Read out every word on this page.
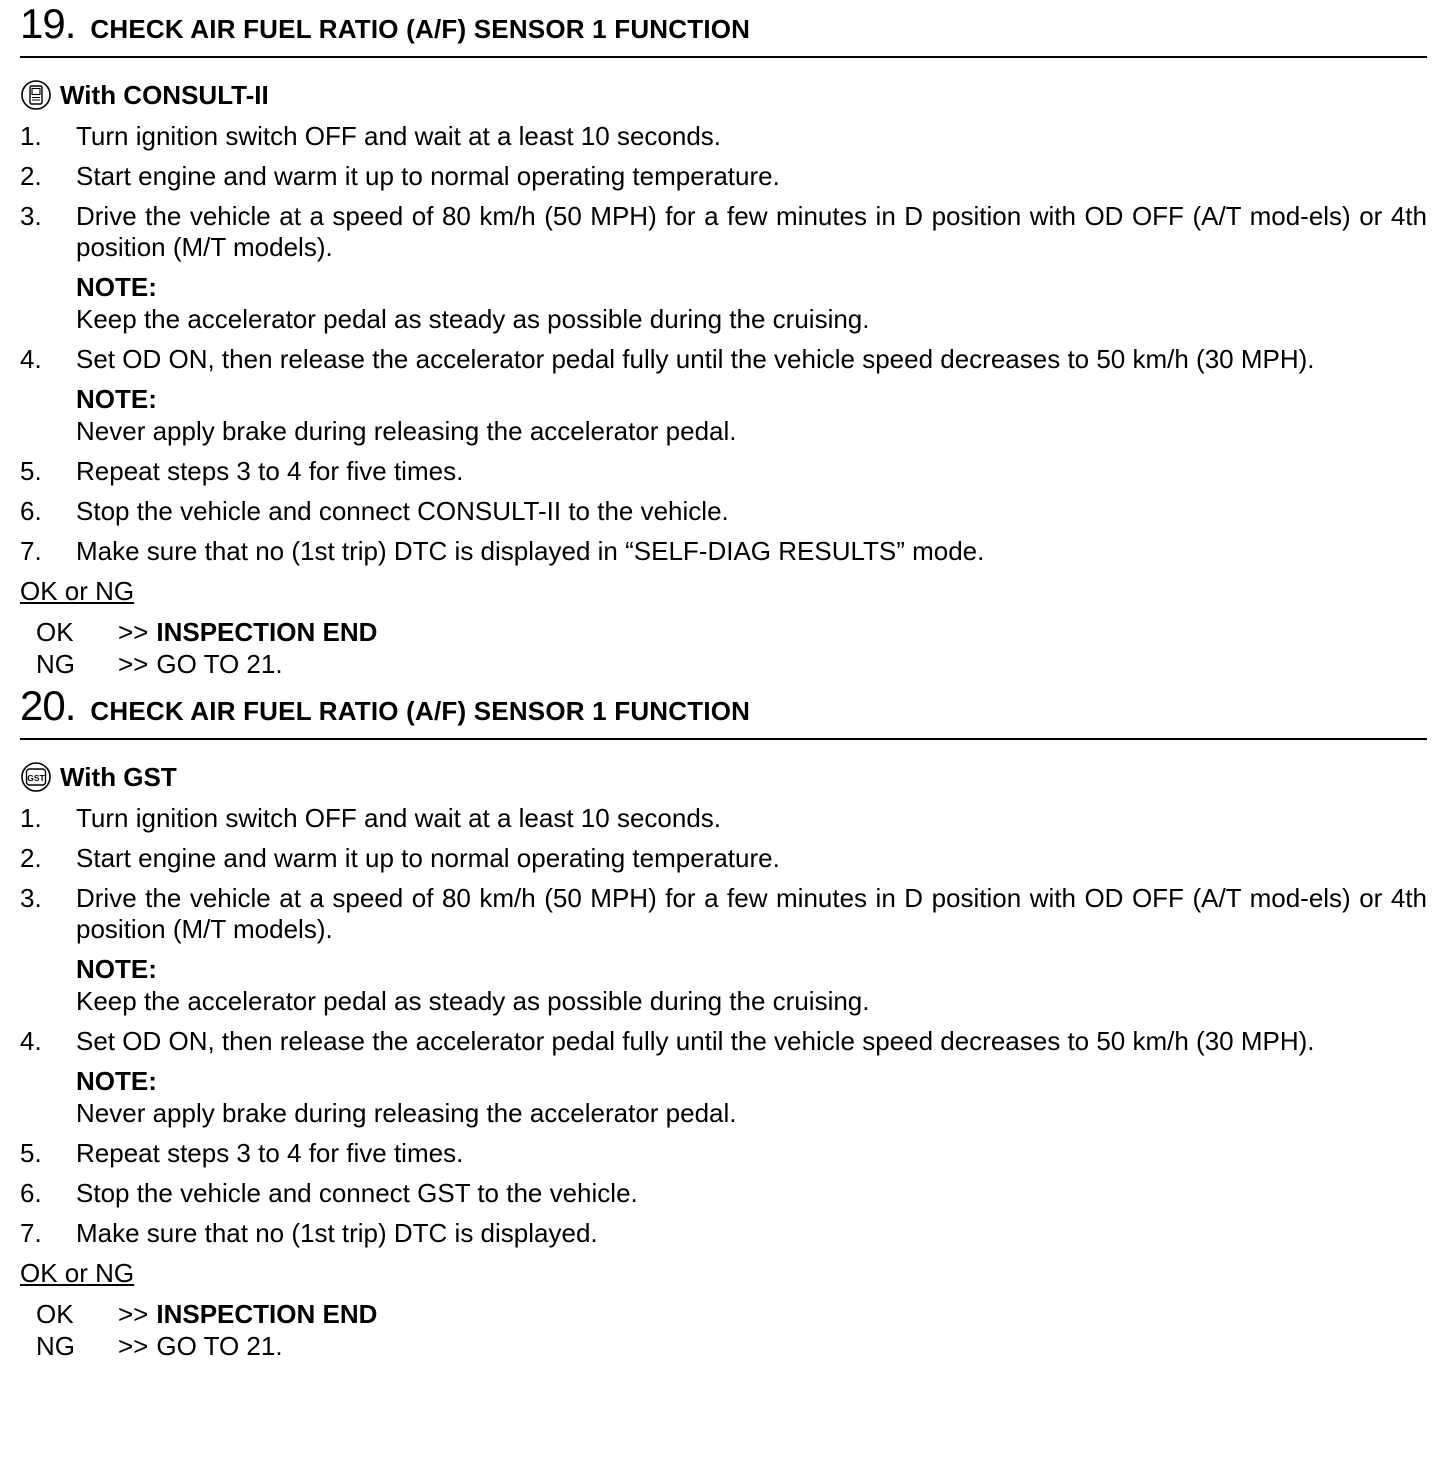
19 . CHECK AIR FUEL RATIO (A/F) SENSOR 1 FUNCTION
With CONSULT-II
1. Turn ignition switch OFF and wait at a least 10 seconds.
2. Start engine and warm it up to normal operating temperature.
3. Drive the vehicle at a speed of 80 km/h (50 MPH) for a few minutes in D position with OD OFF (A/T mod-els) or 4th position (M/T models).
NOTE:
Keep the accelerator pedal as steady as possible during the cruising.
4. Set OD ON, then release the accelerator pedal fully until the vehicle speed decreases to 50 km/h (30 MPH).
NOTE:
Never apply brake during releasing the accelerator pedal.
5. Repeat steps 3 to 4 for five times.
6. Stop the vehicle and connect CONSULT-II to the vehicle.
7. Make sure that no (1st trip) DTC is displayed in “SELF-DIAG RESULTS” mode.
OK or NG
OK	>> INSPECTION END
NG	>> GO TO 21.
20 . CHECK AIR FUEL RATIO (A/F) SENSOR 1 FUNCTION
GST With GST
1. Turn ignition switch OFF and wait at a least 10 seconds.
2. Start engine and warm it up to normal operating temperature.
3. Drive the vehicle at a speed of 80 km/h (50 MPH) for a few minutes in D position with OD OFF (A/T mod-els) or 4th position (M/T models).
NOTE:
Keep the accelerator pedal as steady as possible during the cruising.
4. Set OD ON, then release the accelerator pedal fully until the vehicle speed decreases to 50 km/h (30 MPH).
NOTE:
Never apply brake during releasing the accelerator pedal.
5. Repeat steps 3 to 4 for five times.
6. Stop the vehicle and connect GST to the vehicle.
7. Make sure that no (1st trip) DTC is displayed.
OK or NG
OK	>> INSPECTION END
NG	>> GO TO 21.
